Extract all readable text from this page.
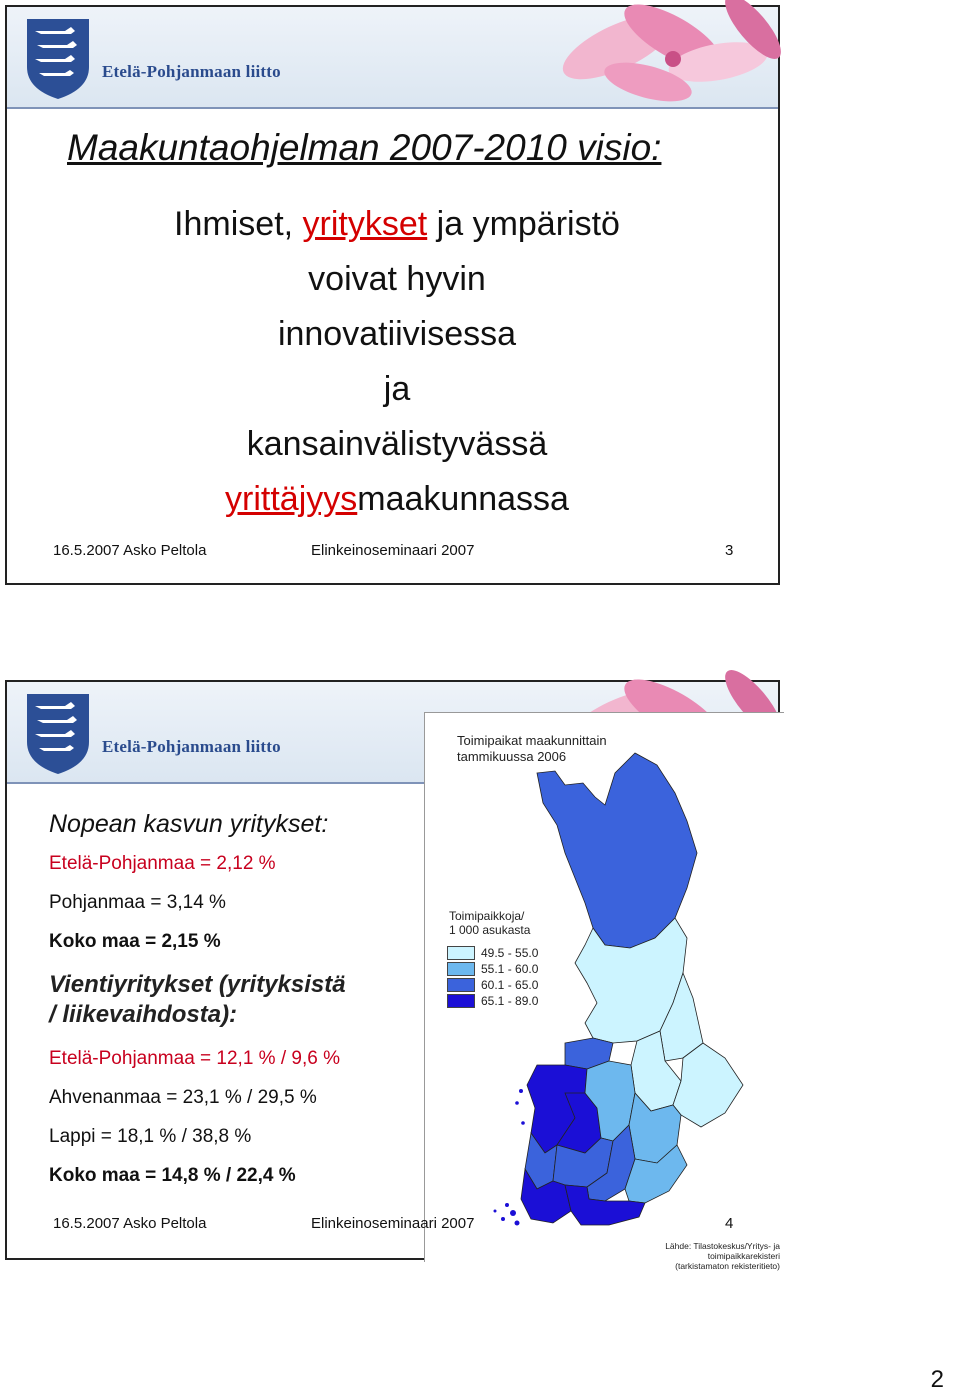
Etelä-Pohjanmaan liitto
Maakuntaohjelman 2007-2010 visio:
Ihmiset, yritykset ja ympäristö
voivat hyvin
innovatiivisessa
ja
kansainvälistyvässä
yrittäjyysmaakunnassa
16.5.2007 Asko Peltola	Elinkeinoseminaari 2007	3
Etelä-Pohjanmaan liitto
Nopean kasvun yritykset:
Etelä-Pohjanmaa = 2,12 %
Pohjanmaa = 3,14 %
Koko maa = 2,15 %
Vientiyritykset (yrityksistä
/ liikevaihdosta):
Etelä-Pohjanmaa = 12,1 % / 9,6 %
Ahvenanmaa = 23,1 % / 29,5 %
Lappi = 18,1 % / 38,8 %
Koko maa = 14,8 % / 22,4 %
Toimipaikat maakunnittain
tammikuussa 2006
Toimipaikkoja/
1 000 asukasta
49.5 - 55.0
55.1 - 60.0
60.1 - 65.0
65.1 - 89.0
Lähde: Tilastokeskus/Yritys- ja toimipaikkarekisteri
(tarkistamaton rekisteritieto)
16.5.2007 Asko Peltola	Elinkeinoseminaari 2007	4
2
